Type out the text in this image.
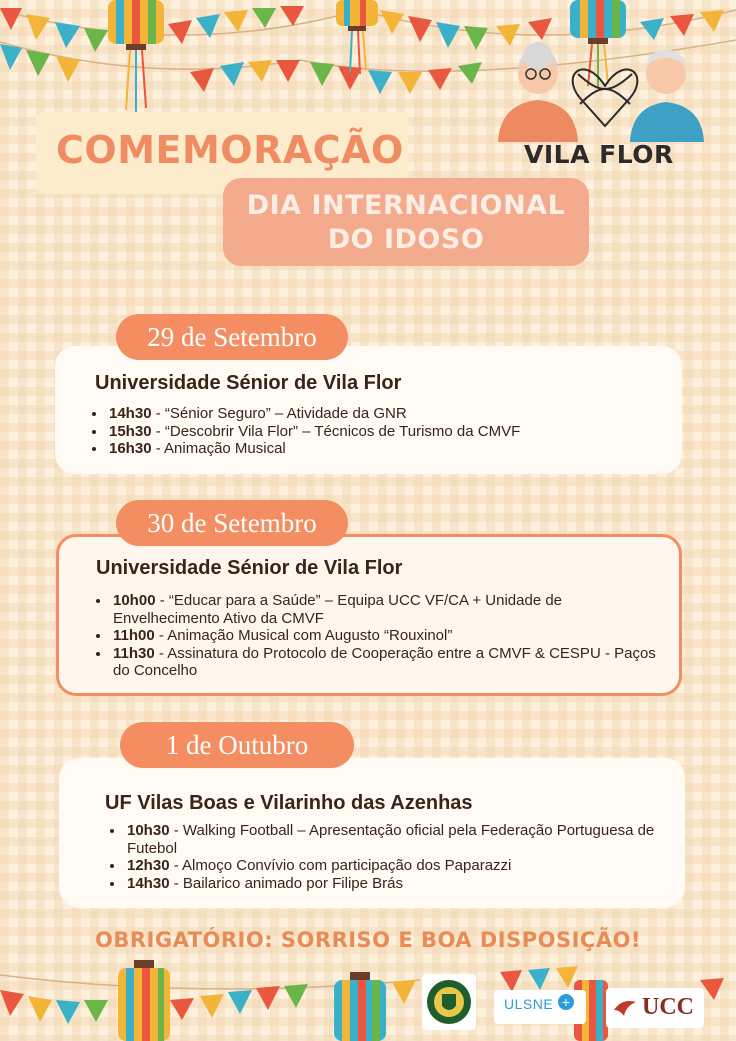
COMEMORAÇÃO
DIA INTERNACIONAL
DO IDOSO
VILA FLOR
Universidade Sénior de Vila Flor
• 14h30 - “Sénior Seguro” – Atividade da GNR
• 15h30 - “Descobrir Vila Flor” – Técnicos de Turismo da CMVF
• 16h30 - Animação Musical
29 de Setembro
Universidade Sénior de Vila Flor
• 10h00 - “Educar para a Saúde” – Equipa UCC VF/CA + Unidade de Envelhecimento Ativo da CMVF
• 11h00 - Animação Musical com Augusto “Rouxinol”
• 11h30 - Assinatura do Protocolo de Cooperação entre a CMVF & CESPU - Paços do Concelho
30 de Setembro
UF Vilas Boas e Vilarinho das Azenhas
• 10h30 - Walking Football – Apresentação oficial pela Federação Portuguesa de Futebol
• 12h30 - Almoço Convívio com participação dos Paparazzi
• 14h30 - Bailarico animado por Filipe Brás
1 de Outubro
OBRIGATÓRIO: SORRISO E BOA DISPOSIÇÃO!
ULSNE +	UCC
